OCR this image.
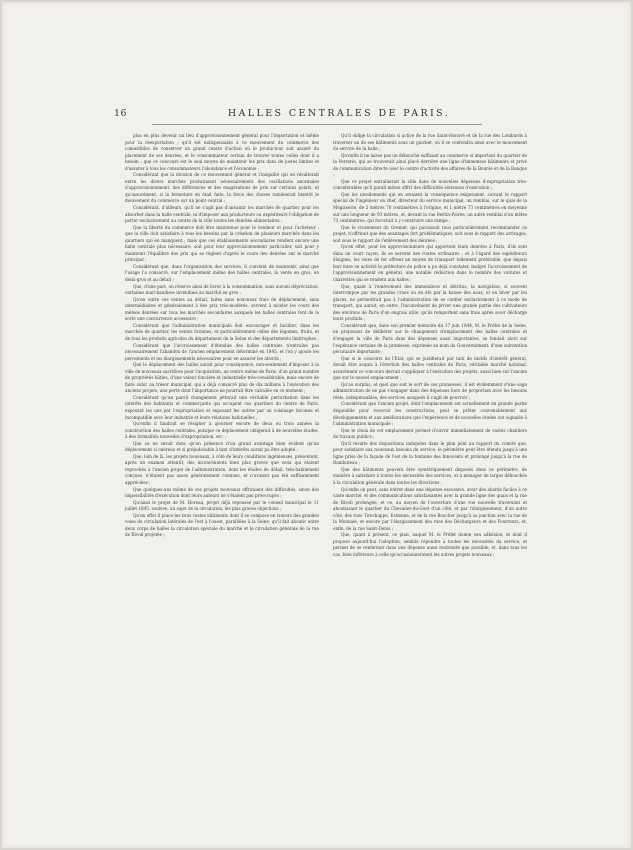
16	HALLES CENTRALES DE PARIS.

plus en plus devenir un lieu d'approvisionnement général pour l'importation et même pour la réexportation ; qu'il est indispensable à ce mouvement du commerce des comestibles de conserver un grand centre d'action où le producteur soit assuré du placement de ses denrées, et le consommateur certain de trouver toutes celles dont il a besoin ; que ce concours est le seul moyen de maintenir les prix dans de justes limites et d'assurer à tous les consommateurs l'abondance et l'économie ;

Considérant que la division de ce mouvement général et l'inégalité qui en résulterait entre les divers marchés produiraient nécessairement des oscillations anormales d'approvisionnement, des différences et des exagérations de prix sur certains points, et qu'assurément, si la fermeture en était faite, la force des choses ramènerait bientôt le mouvement du commerce sur un point central ;

Considérant, d'ailleurs, qu'il ne s'agit pas d'anéantir les marchés de quartier pour les absorber dans la halle centrale, ni d'imposer aux producteurs ou expéditeurs l'obligation de porter exclusivement au centre de la ville toutes les denrées alimentaires ;

Que la liberté du commerce doit être maintenue pour le vendeur et pour l'acheteur ; que la ville doit satisfaire à tous les besoins par la création de plusieurs marchés dans les quartiers qui en manquent ; mais que ces établissements secondaires rendent encore une halle centrale plus nécessaire, soit pour leur approvisionnement particulier, soit pour y maintenir l'équilibre des prix qui se règlent d'après le cours des denrées sur le marché principal ;

Considérant que, dans l'organisation des services, il convient de maintenir, ainsi que l'usage l'a consacré, sur l'emplacement même des halles centrales, la vente en gros, en demi-gros et au détail ;

Que, d'une part, on réserve ainsi de livrer à la consommation, sans aucuni dépréciation, certaines marchandises invendues au marché en gros ;

Qu'en outre ces ventes au détail, faites sans nouveaux frais de déplacement, sans intermédiaires et généralement à des prix très-modérés, servent à niveler les cours des mêmes denrées sur tous les marchés secondaires auxquels les halles centrales font de la sorte une concurrence accessoire ;

Considérant que l'administration municipale doit encourager et faciliter, dans les marchés de quartier, les ventes foraines, et particulièrement celles des légumes, fruits, et de tous les produits agricoles du département de la Seine et des départements limitrophes ;

Considérant que l'accroissement d'étendue des halles centrales n'entraîne pas nécessairement l'abandon de l'ancien emplacement déterminé en 1845, et l'on y ajoute les percements et les élargissements nécessaires pour en assurer les abords ;

Que le déplacement des halles aurait pour conséquence, non-seulement d'imposer à la ville de nouveaux sacrifices pour l'acquisition, au centre même de Paris, d'un grand nombre de propriétés bâties, d'une valeur foncière et industrielle très-considérable, mais encore de faire subir au trésor municipal, qui a déjà consacré plus de dix millions à l'exécution des anciens projets, une perte dont l'importance ne pourrait être calculée en ce moment ;

Considérant qu'un pareil changement jetterait une véritable perturbation dans les intérêts des habitants et commerçants qui occupent ces quartiers du centre de Paris, exposant les uns par l'expropriation et exposant les autres par un voisinage inconnu et incompatible avec leur industrie et leurs relations habituelles ;

Qu'enfin il faudrait se résigner à ajourner encore de deux ou trois années la construction des halles centrales, puisque ce déplacement obligerait à de nouvelles études, à des formalités nouvelles d'expropriation, etc. ;

Que ce ne serait donc qu'en présence d'un grand avantage bien évident qu'un déplacement si onéreux et si préjudiciable à tant d'intérêts aurait pu être adopté ;

Que, loin de là, les projets nouveaux, à côté de leurs conditions ingénieuses, présentent, après un examen attentif, des inconvénients bien plus graves que ceux qui étaient reprochés à l'ancien projet de l'administration, dont les études de détail, très-habilement conçues, n'étaient pas assez généralement connues, et n'avaient pas été suffisamment appréciées ;

Que quelques-uns même de ces projets nouveaux offriraient des difficultés, sinon des impossibilités d'exécution dont leurs auteurs ne s'étaient pas préoccupés ;

Qu'ainsi le projet de M. Horeau, projet déjà repoussé par le conseil municipal le 11 juillet 1845, soulève, au sujet de la circulation, les plus graves objections ;

Qu'en effet il place les trois vastes bâtiments dont il se compose en travers des grandes voies de circulation latérales de l'est à l'ouest, parallèles à la Seine, qu'il fait aboutir entre deux corps de halles la circulation spéciale du marché et la circulation générale de la rue de Rivoli projetée ;

Qu'il oblige la circulation si active de la rue Saint-Honoré et de la rue des Lombards à traverser un de ses bâtiments sous un guichet, où il se confondra ainsi avec le mouvement du service de la halle ;

Qu'enfin il ne laisse pas un débouché suffisant au commerce si important du quartier de la Verrerie, qui se trouverait ainsi placé derrière une ligne d'immenses bâtiments et privé de communication directe avec le centre d'activité des affaires de la Bourse et de la Banque ;

Que ce projet entraînerait la ville dans de nouvelles dépenses d'expropriation très-considérables qu'il paraît même offrir des difficultés sérieuses d'exécution ;

Que les nivellements qui en seraient la conséquence exigeraient, suivant le rapport spécial de l'ingénieur en chef, directeur du service municipal, un remblai, sur le quai de la Mégisserie, de 2 mètres 70 centimètres à l'origine, et 1 mètre 73 centimètres en moyenne sur une longueur de 93 mètres, et, devant la rue Bertin-Poirée, un autre remblai d'un mètre 73 centimètres, qui forcerait à y construire une rampe ;

Que le croisement du Grenier, qui paraissait tous particulièrement recommander ce projet, n'offrirait que des avantages fort problématiques, soit sous le rapport des arrivages, soit sous le rapport de l'enlèvement des denrées ;

Qu'en effet, pour les approvisionneurs qui apportent leurs denrées à Paris, il'ils sont dans un court rayon, ils se servent des routes ordinaires ; et à l'égard des expéditeurs éloignés, les voies de fer offrent un moyen de transport tellement préférable, que depuis leur mise en activité la préfecture de police a pu déjà constater, malgré l'accroissement de l'approvisionnement en général, une notable réduction dans le nombre des voitures et charrettes qui se rendent aux halles ;

Que, quant à l'enlèvement des immondices et détritus, la navigation, si souvent interrompue par les grandes crues ou en été par la baisse des eaux, et en hiver par les glaces, ne permettrait pas à l'administration de se confier exclusivement à ce mode de transport, qui aurait, en outre, l'inconvénient de priver une grande partie des cultivateurs des environs de Paris d'un engrais utile, qu'ils remportent sans frais après avoir déchargé leurs produits ;

Considérant que, dans son premier mémoire du 17 juin 1844, M. le Préfet de la Seine, en proposant de délibérer sur le changement d'emplacement des halles centrales et d'engager la ville de Paris dans des dépenses aussi importantes, se fondait alors sur l'espérance certaine de la promesse, exprimée au nom du Gouvernement, d'une subvention pécuniaire importante ;

Que si le concours de l'État, qui se justifierait par tant de motifs d'intérêt général, devait être acquis à l'érection des halles centrales de Paris, véritable marché national, assurément ce concours devrait s'appliquer à l'exécution des projets, aussi bien sur l'ancien que sur le nouvel emplacement ;

Qu'au surplus, et quel que soit le sort de ces promesses, il est évidemment d'une sage administration de ne pas s'engager dans des dépenses hors de proportion avec les besoins réels, indispensables, des services auxquels il s'agit de pourvoir ;

Considérant que l'ancien projet, dont l'emplacement est actuellement en grande partie disponible pour recevoir les constructions, peut se prêter convenablement aux développements et aux améliorations que l'expérience et de nouvelles études ont signalés à l'administration municipale ;

Que le choix de cet emplacement permet d'ouvrir immédiatement de vastes chantiers de travaux publics ;

Qu'il résulte des dispositions indiquées dans le plan joint au rapport du comité que, pour satisfaire aux nouveaux besoins du service, le périmètre peut être étendu jusqu'à une ligne prise de la façade de l'est de la fontaine des Innocents et prolongé jusqu'à la rue de Rambuteau ;

Que des bâtiments peuvent être symétriquement disposés dans ce périmètre, de manière à satisfaire à toutes les nécessités des services, et à ménager de larges débouchés à la circulation générale dans toutes les directions ;

Qu'enfin on peut, sans entrer dans une dépense excessive, avoir des abords faciles à ce vaste marché, et des communications satisfaisantes avec la grande ligne des quais et la rue de Rivoli prolongée, et ce, au moyen de l'ouverture d'une rue nouvelle traversant et aboutissant le quartier du Chevalier-du-Guet d'un côté, et par l'élargissement, d'un autre côté, des rues Tirechappe, Estienne, et de la rue Boucher jusqu'à sa jonction avec la rue de la Monnaie, et encore par l'élargissement des rues des Déchargeurs et des Fourreurs, et, enfin, de la rue Saint-Denis ;

Que, quant à présent, ce plan, auquel M. le Préfet donne son adhésion, et dont il propose aujourd'hui l'adoption, semble répondre à toutes les nécessités du service, et permet de se renfermer dans une dépense aussi restreinte que possible, et, dans tous les cas, bien inférieure à celle qu'occasionneraient les autres projets nouveaux ;
